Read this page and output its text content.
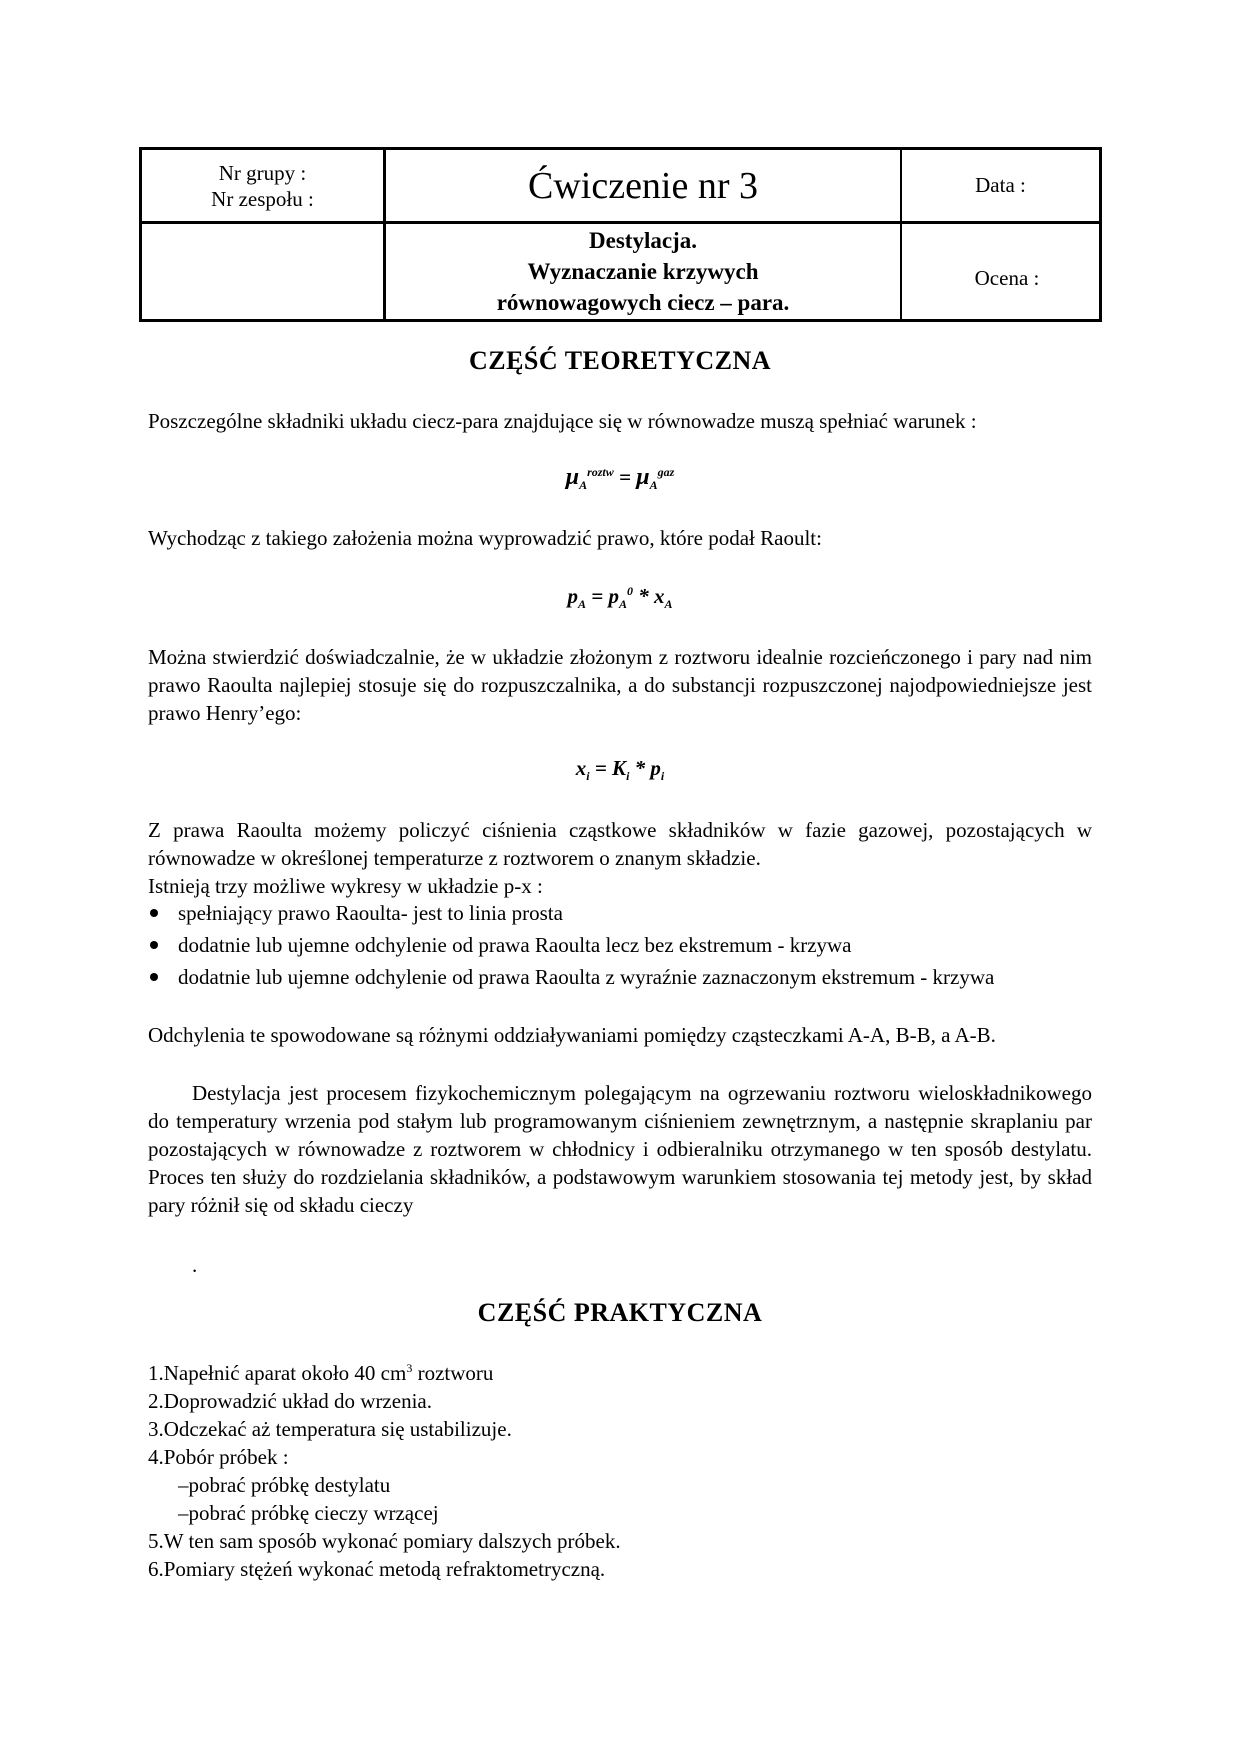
Nr grupy :
Nr zespołu :	Ćwiczenie nr 3	Data :
Destylacja.
Wyznaczanie krzywych
równowagowych ciecz – para.
Ocena :
CZĘŚĆ TEORETYCZNA
Poszczególne składniki układu ciecz-para znajdujące się w równowadze muszą spełniać warunek :
$\mu_A^{roztw} = \mu_A^{gaz}$
Wychodząc z takiego założenia można wyprowadzić prawo, które podał Raoult:
$p_A = p_A^0 * x_A$
Można stwierdzić doświadczalnie, że w układzie złożonym z roztworu idealnie rozcieńczonego i pary nad nim prawo Raoulta najlepiej stosuje się do rozpuszczalnika, a do substancji rozpuszczonej najodpowiedniejsze jest prawo Henry’ego:
$x_i = K_i * p_i$
Z prawa Raoulta możemy policzyć ciśnienia cząstkowe składników w fazie gazowej, pozostających w równowadze w określonej temperaturze z roztworem o znanym składzie.
Istnieją trzy możliwe wykresy w układzie p-x :
spełniający prawo Raoulta- jest to linia prosta
dodatnie lub ujemne odchylenie od prawa Raoulta lecz bez ekstremum - krzywa
dodatnie lub ujemne odchylenie od prawa Raoulta z wyraźnie zaznaczonym ekstremum - krzywa
Odchylenia te spowodowane są różnymi oddziaływaniami pomiędzy cząsteczkami A-A, B-B, a A-B.
Destylacja jest procesem fizykochemicznym polegającym na ogrzewaniu roztworu wieloskładnikowego do temperatury wrzenia pod stałym lub programowanym ciśnieniem zewnętrznym, a następnie skraplaniu par pozostających w równowadze z roztworem w chłodnicy i odbieralniku otrzymanego w ten sposób destylatu. Proces ten służy do rozdzielania składników, a podstawowym warunkiem stosowania tej metody jest, by skład pary różnił się od składu cieczy
.
CZĘŚĆ PRAKTYCZNA
1.Napełnić aparat około 40 $cm^3$ roztworu
2.Doprowadzić układ do wrzenia.
3.Odczekać aż temperatura się ustabilizuje.
4.Pobór próbek :
–pobrać próbkę destylatu
–pobrać próbkę cieczy wrzącej
5.W ten sam sposób wykonać pomiary dalszych próbek.
6.Pomiary stężeń wykonać metodą refraktometryczną.
